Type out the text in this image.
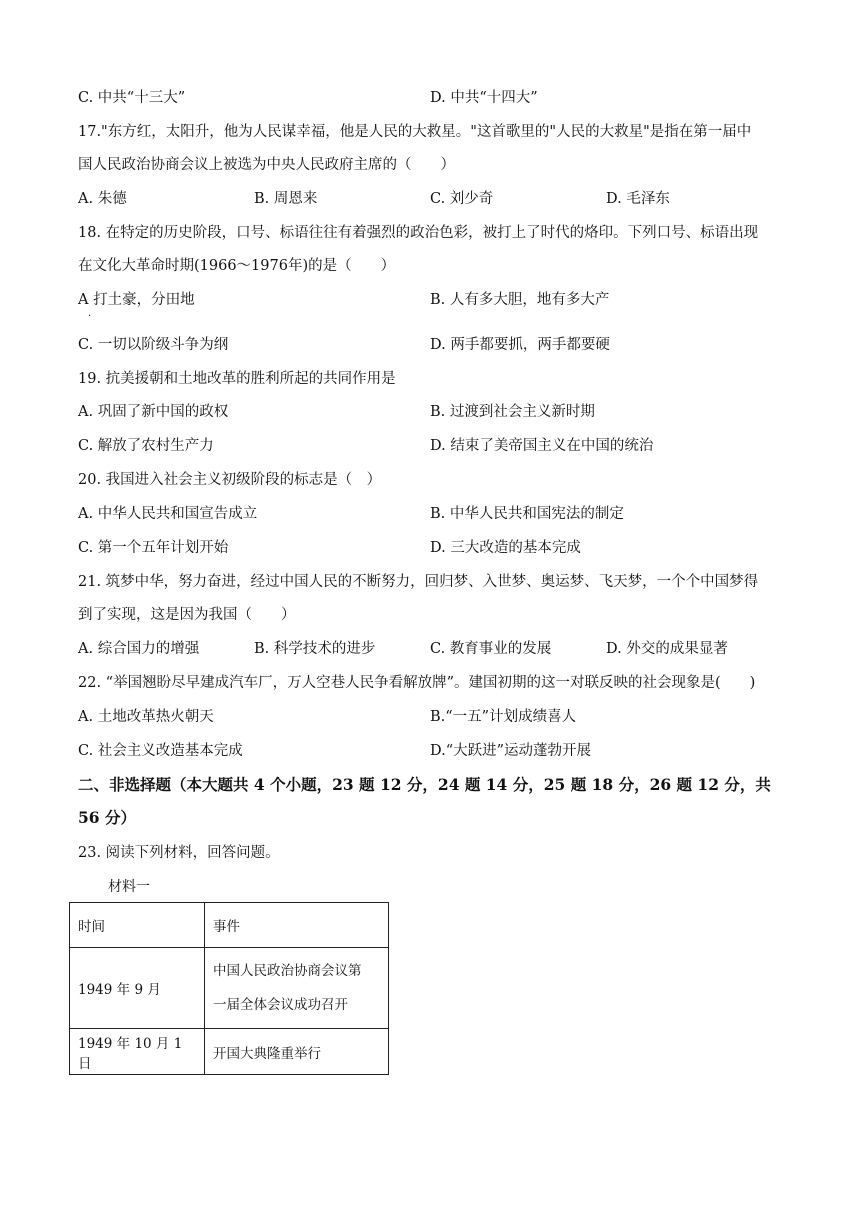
C. 中共“十三大”	D. 中共“十四大”
17."东方红，太阳升，他为人民谋幸福，他是人民的大救星。"这首歌里的"人民的大救星"是指在第一届中
国人民政治协商会议上被选为中央人民政府主席的（　　）
A. 朱德	B. 周恩来	C. 刘少奇	D. 毛泽东
18. 在特定的历史阶段，口号、标语往往有着强烈的政治色彩，被打上了时代的烙印。下列口号、标语出现
在文化大革命时期(1966～1976年)的是（　　）
A 打土豪，分田地	B. 人有多大胆，地有多大产
.
C. 一切以阶级斗争为纲	D. 两手都要抓，两手都要硬
19. 抗美援朝和土地改革的胜利所起的共同作用是
A. 巩固了新中国的政权	B. 过渡到社会主义新时期
C. 解放了农村生产力	D. 结束了美帝国主义在中国的统治
20. 我国进入社会主义初级阶段的标志是（　）
A. 中华人民共和国宣告成立	B. 中华人民共和国宪法的制定
C. 第一个五年计划开始	D. 三大改造的基本完成
21. 筑梦中华，努力奋进，经过中国人民的不断努力，回归梦、入世梦、奥运梦、飞天梦，一个个中国梦得
到了实现，这是因为我国（　　）
A. 综合国力的增强	B. 科学技术的进步	C. 教育事业的发展	D. 外交的成果显著
22. “举国翘盼尽早建成汽车厂，万人空巷人民争看解放牌”。建国初期的这一对联反映的社会现象是(　　)
A. 土地改革热火朝天	B.“一五”计划成绩喜人
C. 社会主义改造基本完成	D.“大跃进”运动蓬勃开展
二、非选择题（本大题共 4 个小题，23 题 12 分，24 题 14 分，25 题 18 分，26 题 12 分，共
56 分）
23. 阅读下列材料，回答问题。
材料一
时间	事件
1949 年 9 月	中国人民政治协商会议第
一届全体会议成功召开

1949 年 10 月 1 日	开国大典隆重举行
